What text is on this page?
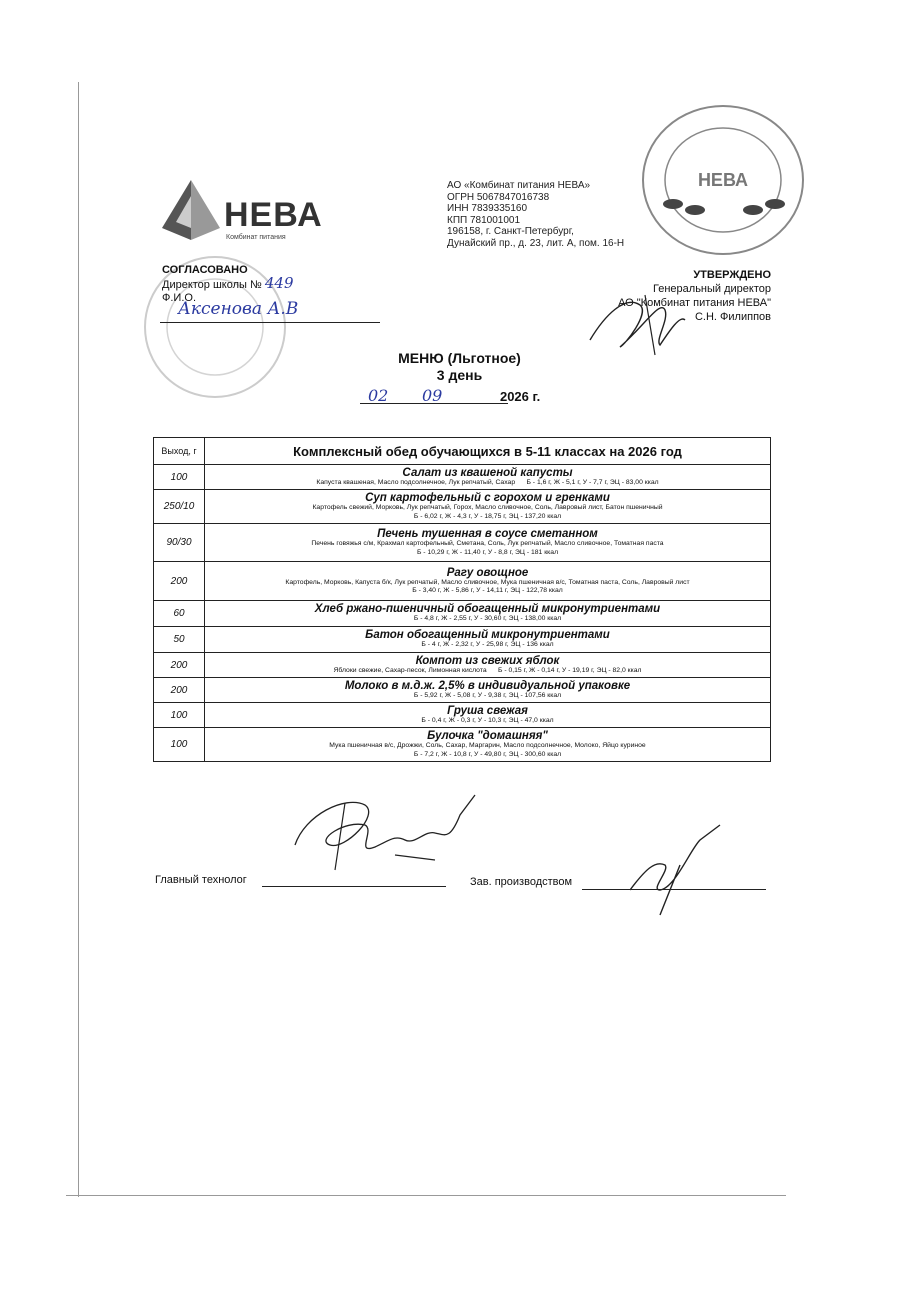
НЕВА
Комбинат питания
АО «Комбинат питания НЕВА»
ОГРН 5067847016738
ИНН 7839335160
КПП 781001001
196158, г. Санкт-Петербург,
Дунайский пр., д. 23, лит. А, пом. 16-Н
НЕВА
СОГЛАСОВАНО
Директор школы № 449
Ф.И.О.
Аксенова А.В
УТВЕРЖДЕНО
Генеральный директор
АО "Комбинат питания НЕВА"
С.Н. Филиппов
МЕНЮ (Льготное)
3 день
02 09	2026 г.
Выход, г	Комплексный обед обучающихся в 5-11 классах на 2026 год
100	Салат из квашеной капусты
Капуста квашеная, Масло подсолнечное, Лук репчатый, Сахар Б - 1,6 г, Ж - 5,1 г, У - 7,7 г, ЭЦ - 83,00 ккал

250/10	Суп картофельный с горохом и гренками
Картофель свежий, Морковь, Лук репчатый, Горох, Масло сливочное, Соль, Лавровый лист, Батон пшеничный
Б - 6,02 г, Ж - 4,3 г, У - 18,75 г, ЭЦ - 137,20 ккал

90/30	Печень тушенная в соусе сметанном
Печень говяжья с/м, Крахмал картофельный, Сметана, Соль, Лук репчатый, Масло сливочное, Томатная паста
Б - 10,29 г, Ж - 11,40 г, У - 8,8 г, ЭЦ - 181 ккал

200	Рагу овощное
Картофель, Морковь, Капуста б/к, Лук репчатый, Масло сливочное, Мука пшеничная в/с, Томатная паста, Соль, Лавровый лист
Б - 3,40 г, Ж - 5,86 г, У - 14,11 г, ЭЦ - 122,78 ккал

60	Хлеб ржано-пшеничный обогащенный микронутриентами
Б - 4,8 г, Ж - 2,55 г, У - 30,60 г, ЭЦ - 138,00 ккал

50	Батон обогащенный микронутриентами
Б - 4 г, Ж - 2,32 г, У - 25,98 г, ЭЦ - 136 ккал

200	Компот из свежих яблок
Яблоки свежие, Сахар-песок, Лимонная кислота Б - 0,15 г, Ж - 0,14 г, У - 19,19 г, ЭЦ - 82,0 ккал

200	Молоко в м.д.ж. 2,5% в индивидуальной упаковке
Б - 5,92 г, Ж - 5,08 г, У - 9,38 г, ЭЦ - 107,56 ккал

100	Груша свежая
Б - 0,4 г, Ж - 0,3 г, У - 10,3 г, ЭЦ - 47,0 ккал

100	Булочка "домашняя"
Мука пшеничная в/с, Дрожжи, Соль, Сахар, Маргарин, Масло подсолнечное, Молоко, Яйцо куриное
Б - 7,2 г, Ж - 10,8 г, У - 49,80 г, ЭЦ - 300,60 ккал
Главный технолог	Зав. производством
